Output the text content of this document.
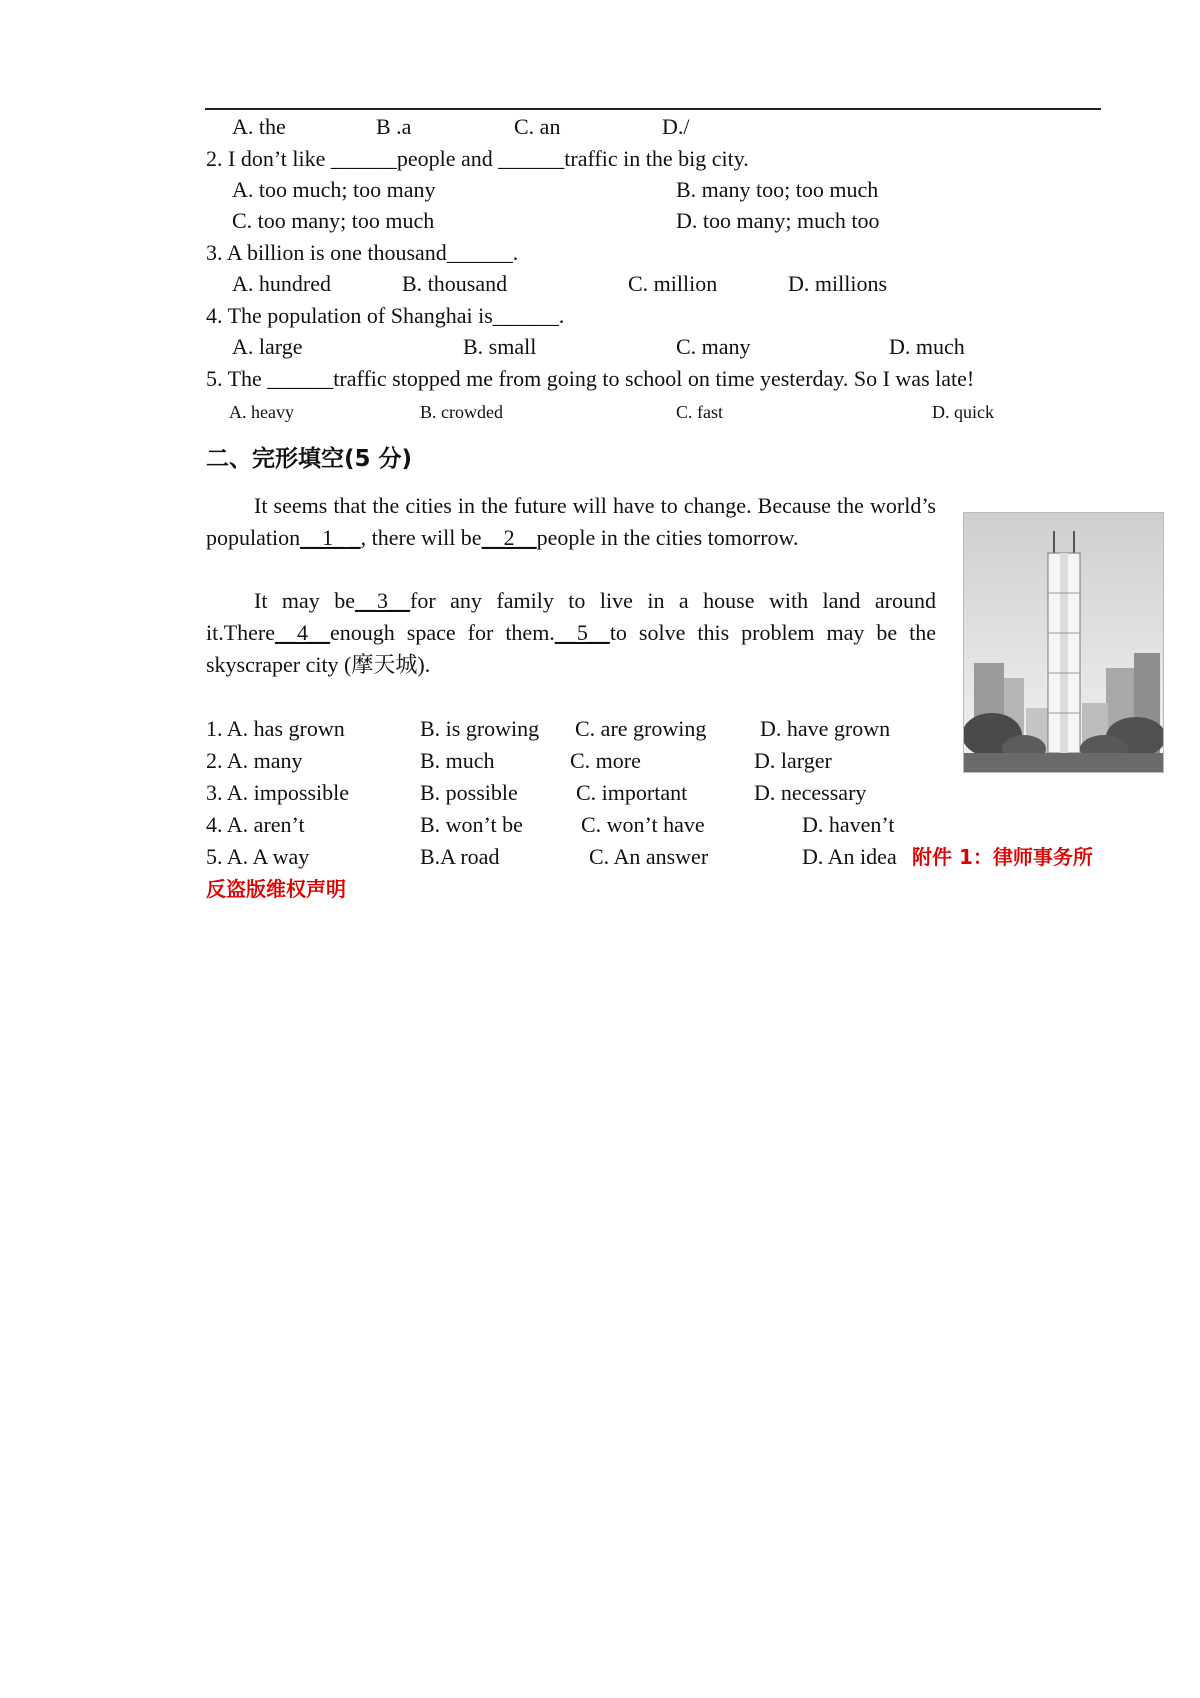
A. the	B .a	C. an	D./
2. I don’t like ______people and ______traffic in the big city.
A. too much; too many	B. many too; too much
C. too many; too much	D. too many; much too
3. A billion is one thousand______.
A. hundred	B. thousand	C. million	D. millions
4. The population of Shanghai is______.
A. large	B. small	C. many	D. much
5. The ______traffic stopped me from going to school on time yesterday. So I was late!
A. heavy	B. crowded	C. fast	D. quick
二、完形填空(5 分)
It seems that the cities in the future will have to change. Because the world’s population__1_ _, there will be__2__people in the cities tomorrow.
It may be__3__for any family to live in a house with land around it.There__4__enough space for them.__5__to solve this problem may be the skyscraper city (摩天城).
1. A. has grown	B. is growing C. are growing D. have grown
2. A. many	B. much	C. more	D. larger
3. A. impossible	B. possible	C. important	D. necessary
4. A. aren’t	B. won’t be	C. won’t have	D. haven’t
5. A. A way	B.A road	C. An answer	D. An idea 附件 1：律师事务所
反盗版维权声明
